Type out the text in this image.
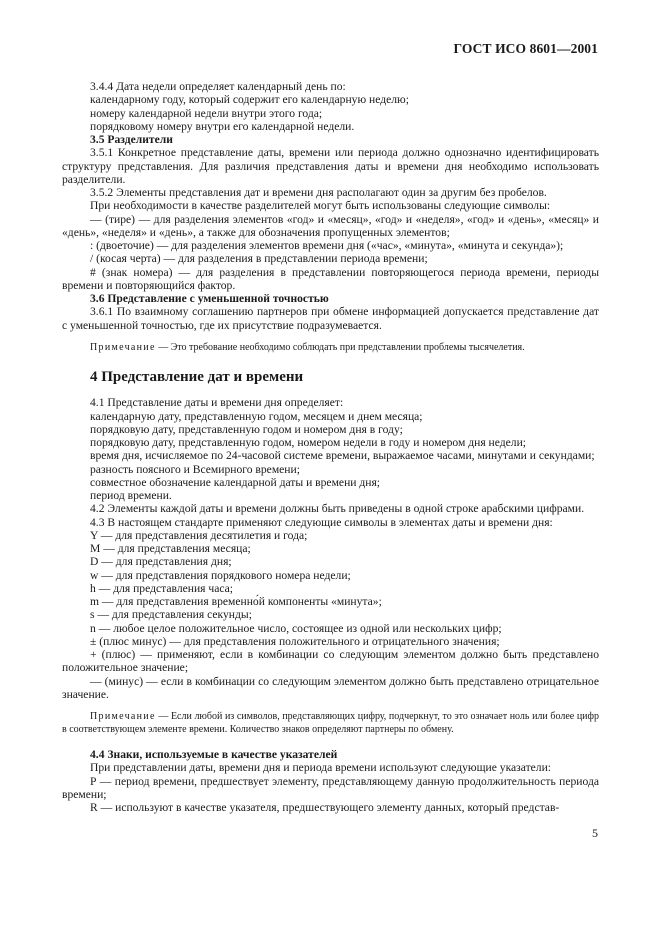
ГОСТ ИСО 8601—2001

3.4.4 Дата недели определяет календарный день по:

календарному году, который содержит его календарную неделю;

номеру календарной недели внутри этого года;

порядковому номеру внутри его календарной недели.

3.5 Разделители

3.5.1 Конкретное представление даты, времени или периода должно однозначно идентифицировать структуру представления. Для различия представления даты и времени дня необходимо использовать разделители.

3.5.2 Элементы представления дат и времени дня располагают один за другим без пробелов.

При необходимости в качестве разделителей могут быть использованы следующие символы:

— (тире) — для разделения элементов «год» и «месяц», «год» и «неделя», «год» и «день», «месяц» и «день», «неделя» и «день», а также для обозначения пропущенных элементов;

: (двоеточие) — для разделения элементов времени дня («час», «минута», «минута и секунда»);

/ (косая черта) — для разделения в представлении периода времени;

# (знак номера) — для разделения в представлении повторяющегося периода времени, периоды времени и повторяющийся фактор.

3.6 Представление с уменьшенной точностью

3.6.1 По взаимному соглашению партнеров при обмене информацией допускается представление дат с уменьшенной точностью, где их присутствие подразумевается.

Примечание — Это требование необходимо соблюдать при представлении проблемы тысячелетия.

4 Представление дат и времени

4.1 Представление даты и времени дня определяет:

календарную дату, представленную годом, месяцем и днем месяца;

порядковую дату, представленную годом и номером дня в году;

порядковую дату, представленную годом, номером недели в году и номером дня недели;

время дня, исчисляемое по 24-часовой системе времени, выражаемое часами, минутами и секундами;

разность поясного и Всемирного времени;

совместное обозначение календарной даты и времени дня;

период времени.

4.2 Элементы каждой даты и времени должны быть приведены в одной строке арабскими цифрами.

4.3 В настоящем стандарте применяют следующие символы в элементах даты и времени дня:

Y — для представления десятилетия и года;

М — для представления месяца;

D — для представления дня;

w — для представления порядкового номера недели;

h — для представления часа;

m — для представления временно́й компоненты «минута»;

s — для представления секунды;

n — любое целое положительное число, состоящее из одной или нескольких цифр;

± (плюс минус) — для представления положительного и отрицательного значения;

+ (плюс) — применяют, если в комбинации со следующим элементом должно быть представлено положительное значение;

— (минус) — если в комбинации со следующим элементом должно быть представлено отрицательное значение.

Примечание — Если любой из символов, представляющих цифру, подчеркнут, то это означает ноль или более цифр в соответствующем элементе времени. Количество знаков определяют партнеры по обмену.

4.4 Знаки, используемые в качестве указателей

При представлении даты, времени дня и периода времени используют следующие указатели:

Р — период времени, предшествует элементу, представляющему данную продолжительность периода времени;

R — используют в качестве указателя, предшествующего элементу данных, который представ-

5
